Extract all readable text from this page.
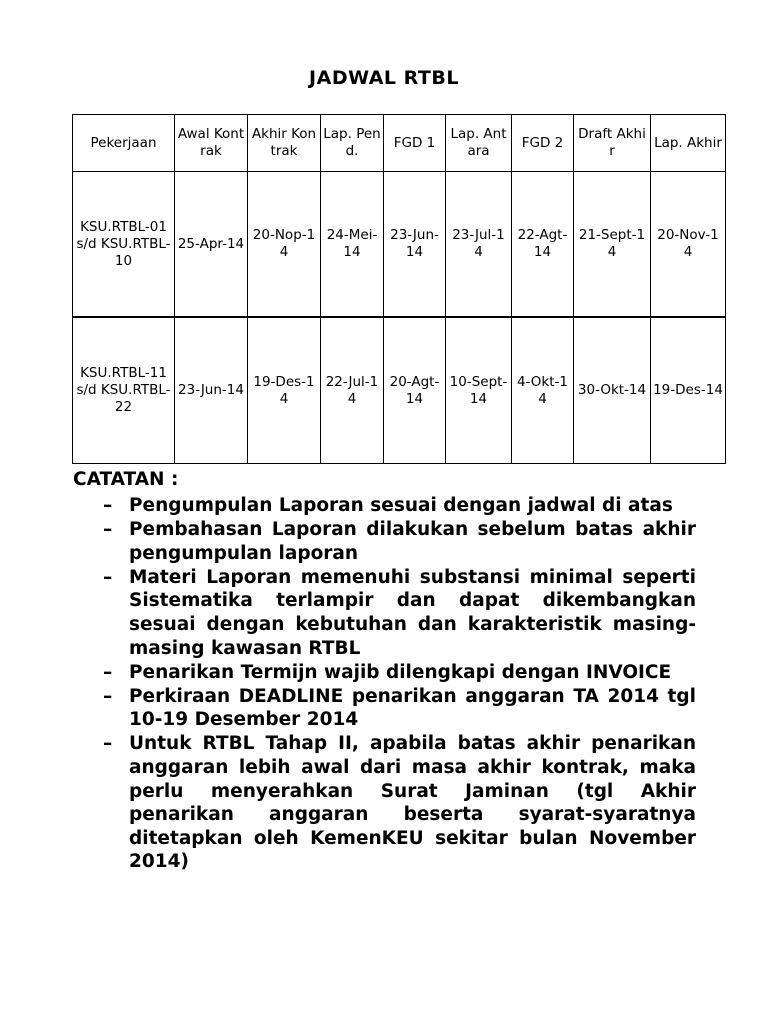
JADWAL RTBL
Pekerjaan	Awal Kontrak	Akhir Kontrak	Lap. Pend.	FGD 1	Lap. Antara	FGD 2	Draft Akhir	Lap. Akhir
KSU.RTBL-01 s/d KSU.RTBL-10	25-Apr-14	20-Nop-14	24-Mei-14	23-Jun-14	23-Jul-14	22-Agt-14	21-Sept-14	20-Nov-14
KSU.RTBL-11 s/d KSU.RTBL-22	23-Jun-14	19-Des-14	22-Jul-14	20-Agt-14	10-Sept-14	4-Okt-14	30-Okt-14	19-Des-14
CATATAN :
– Pengumpulan Laporan sesuai dengan jadwal di atas
– Pembahasan Laporan dilakukan sebelum batas akhir pengumpulan laporan
– Materi Laporan memenuhi substansi minimal seperti Sistematika terlampir dan dapat dikembangkan sesuai dengan kebutuhan dan karakteristik masing-masing kawasan RTBL
– Penarikan Termijn wajib dilengkapi dengan INVOICE
– Perkiraan DEADLINE penarikan anggaran TA 2014 tgl 10-19 Desember 2014
– Untuk RTBL Tahap II, apabila batas akhir penarikan anggaran lebih awal dari masa akhir kontrak, maka perlu menyerahkan Surat Jaminan (tgl Akhir penarikan anggaran beserta syarat-syaratnya ditetapkan oleh KemenKEU sekitar bulan November 2014)
